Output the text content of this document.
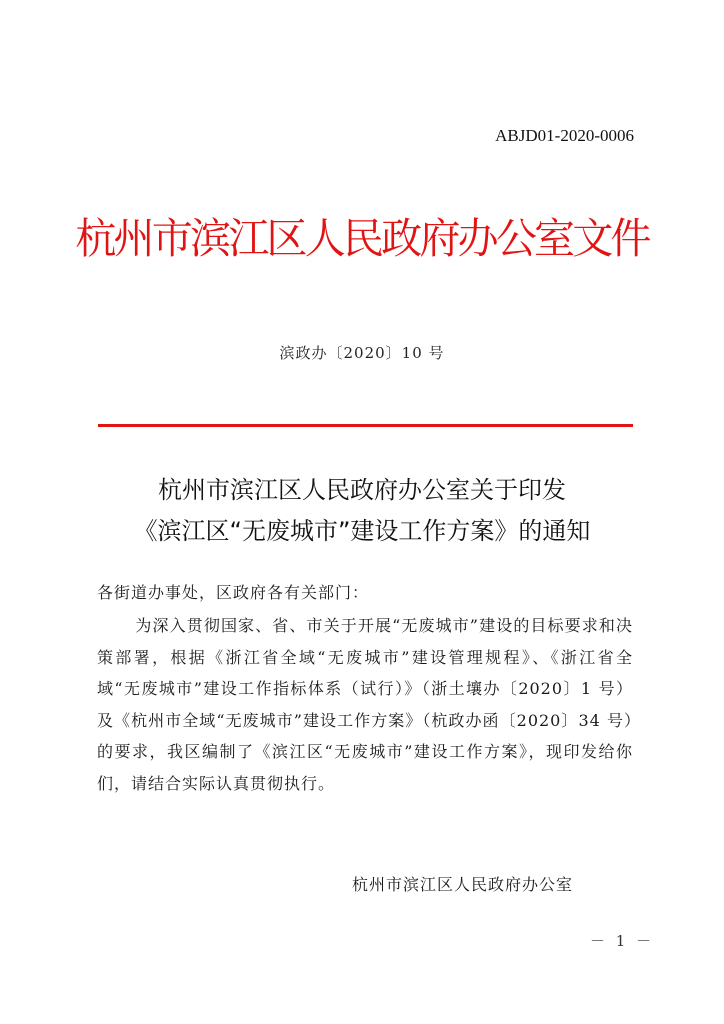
ABJD01-2020-0006
杭州市滨江区人民政府办公室文件
滨政办〔2020〕10 号
杭州市滨江区人民政府办公室关于印发
《滨江区“无废城市”建设工作方案》的通知
各街道办事处，区政府各有关部门：
为深入贯彻国家、省、市关于开展“无废城市”建设的目标要求和决策部署，根据《浙江省全域“无废城市”建设管理规程》、《浙江省全域“无废城市”建设工作指标体系（试行）》（浙土壤办〔2020〕1 号）及《杭州市全域“无废城市”建设工作方案》（杭政办函〔2020〕34 号）的要求，我区编制了《滨江区“无废城市”建设工作方案》，现印发给你们，请结合实际认真贯彻执行。
杭州市滨江区人民政府办公室
－ 1 －
